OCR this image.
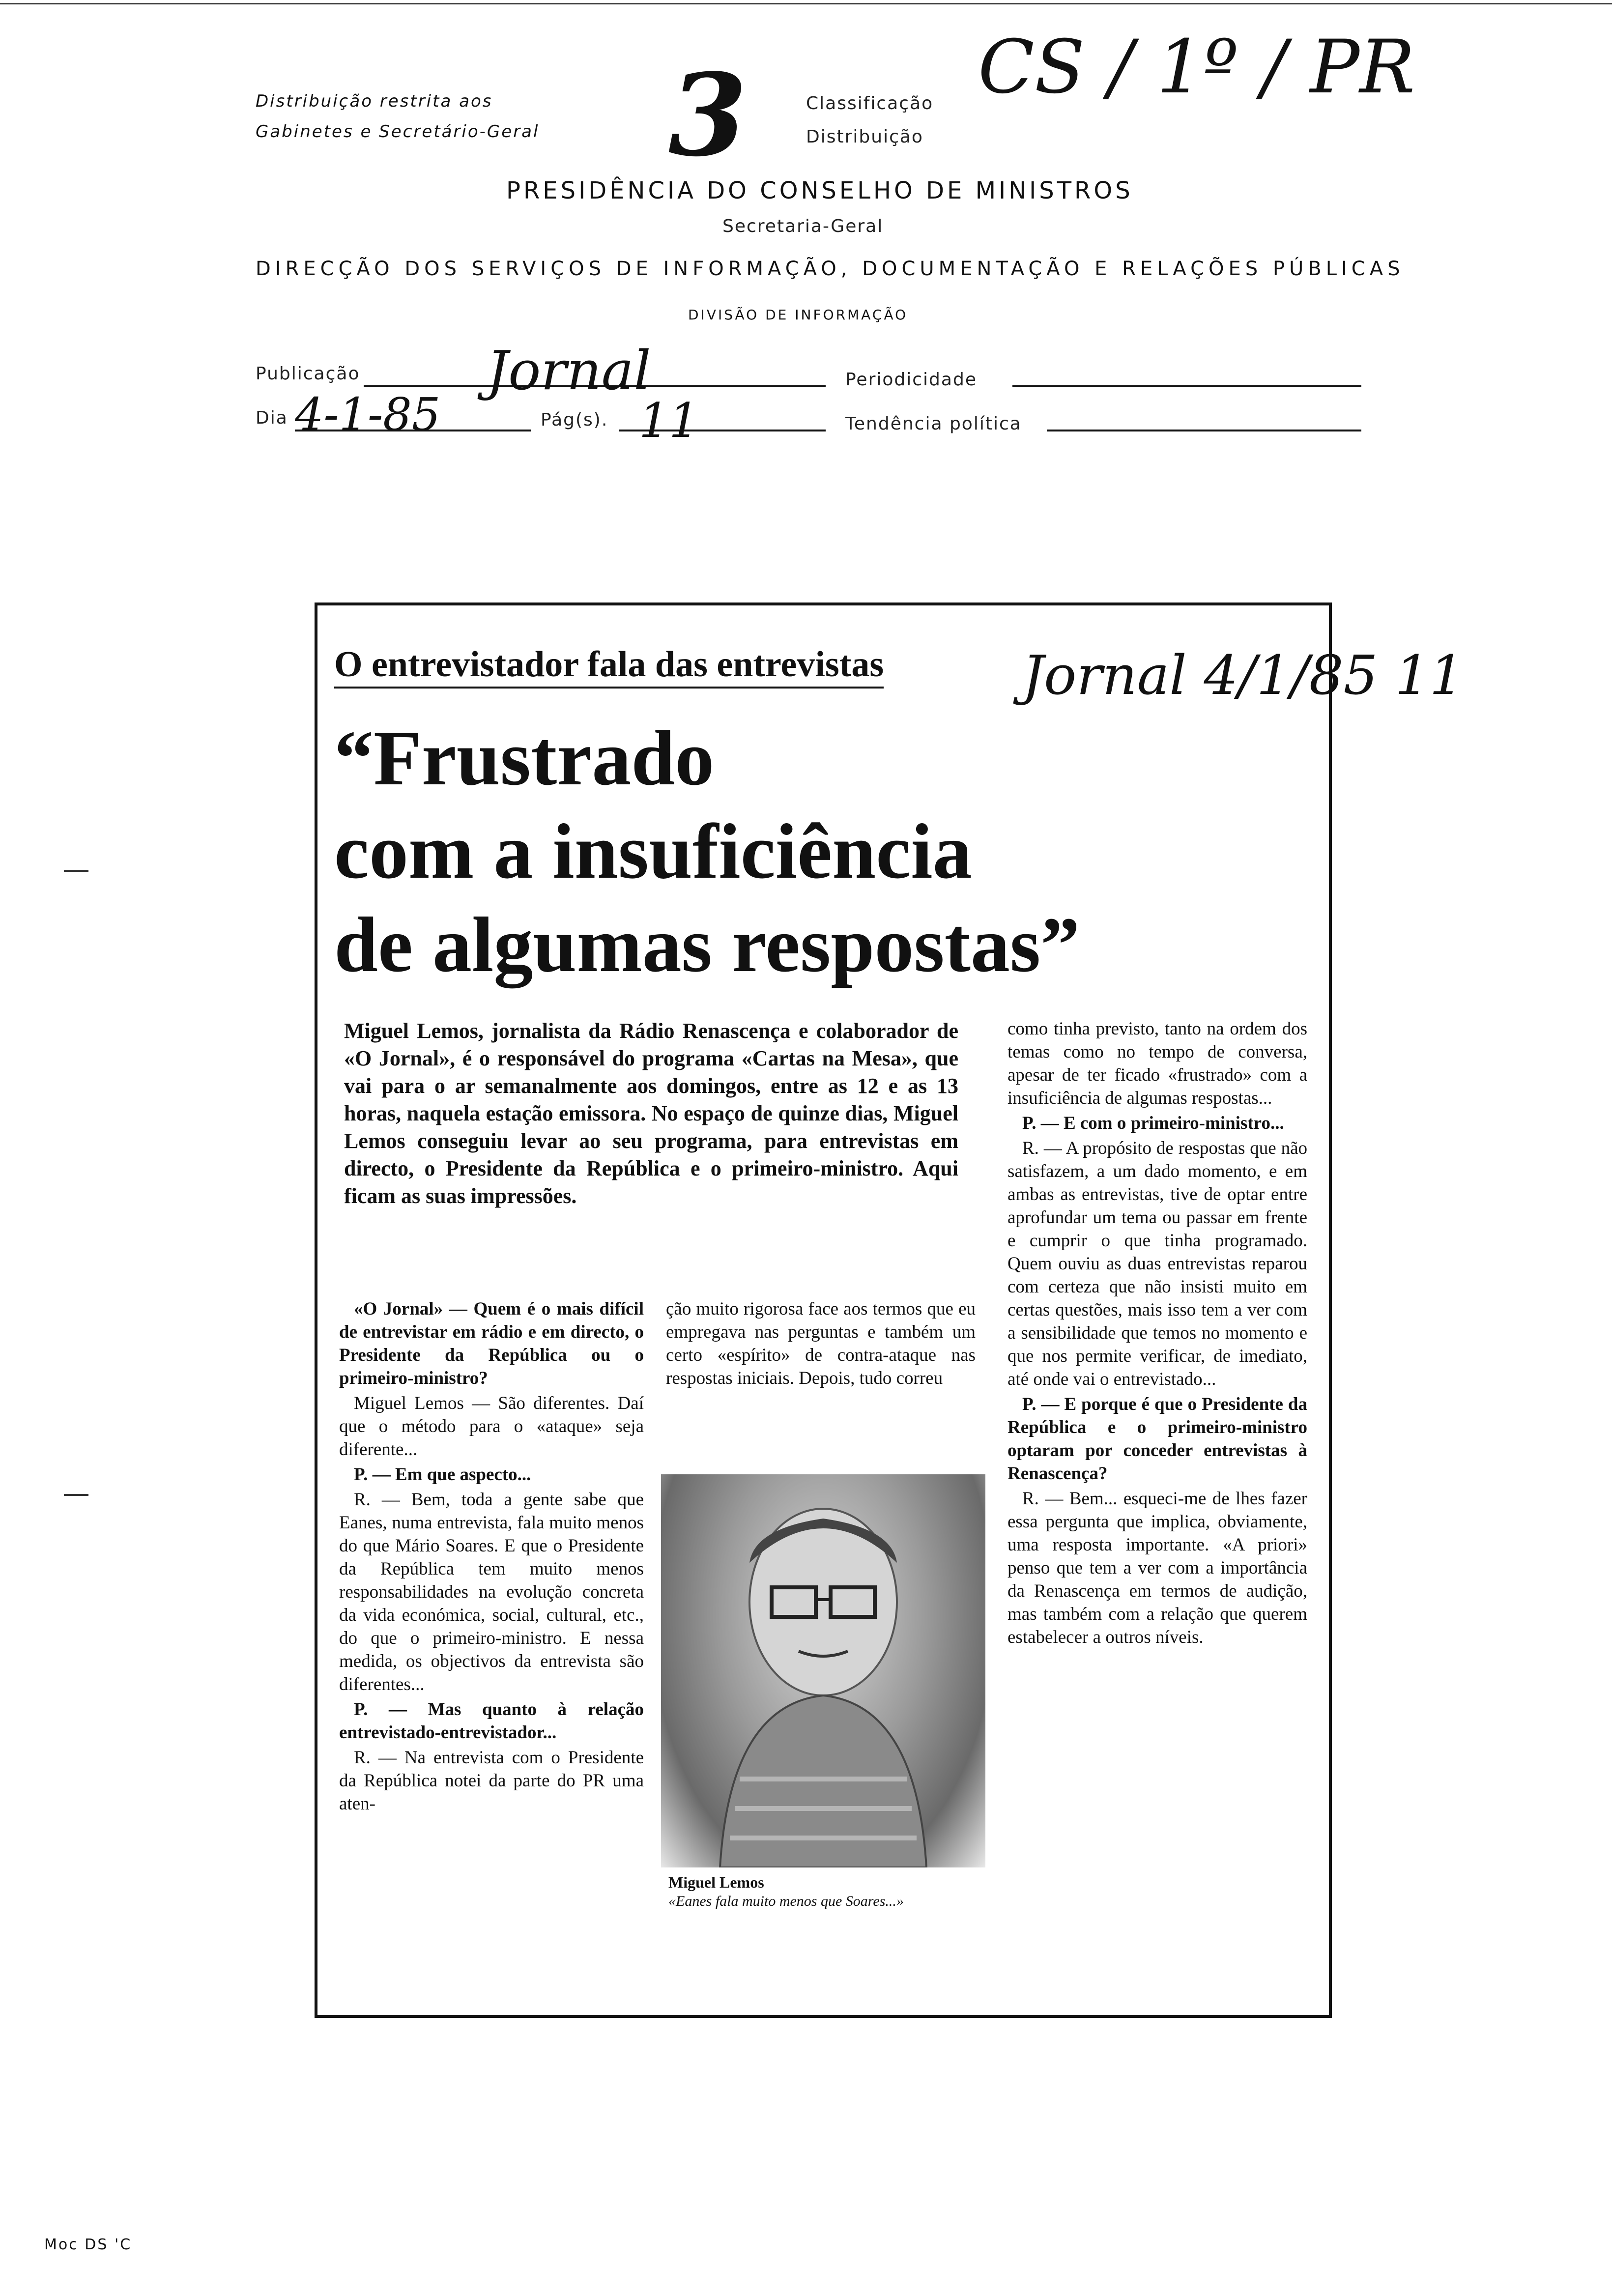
Distribuição restrita aos
Gabinetes e Secretário-Geral 3	Classificação
Distribuição
CS / 1º / PR
PRESIDÊNCIA DO CONSELHO DE MINISTROS
Secretaria-Geral
DIRECÇÃO DOS SERVIÇOS DE INFORMAÇÃO, DOCUMENTAÇÃO E RELAÇÕES PÚBLICAS
DIVISÃO DE INFORMAÇÃO
Publicação Jornal	Periodicidade
Dia 4-1-85	Pág(s). 11	Tendência política
O entrevistador fala das entrevistas	Jornal 4/1/85 11
“Frustrado
com a insuficiência
de algumas respostas”

Miguel Lemos, jornalista da Rádio Renascença e colaborador de «O Jornal», é o responsável do programa «Cartas na Mesa», que vai para o ar semanalmente aos domingos, entre as 12 e as 13 horas, naquela estação emissora. No espaço de quinze dias, Miguel Lemos conseguiu levar ao seu programa, para entrevistas em directo, o Presidente da República e o primeiro-ministro. Aqui ficam as suas impressões.

«O Jornal» — Quem é o mais difícil de entrevistar em rádio e em directo, o Presidente da República ou o primeiro-ministro?

Miguel Lemos — São diferentes. Daí que o método para o «ataque» seja diferente...

P. — Em que aspecto...

R. — Bem, toda a gente sabe que Eanes, numa entrevista, fala muito menos do que Mário Soares. E que o Presidente da República tem muito menos responsabilidades na evolução concreta da vida económica, social, cultural, etc., do que o primeiro-ministro. E nessa medida, os objectivos da entrevista são diferentes...

P. — Mas quanto à relação entrevistado-entrevistador...

R. — Na entrevista com o Presidente da República notei da parte do PR uma aten-

ção muito rigorosa face aos termos que eu empregava nas perguntas e também um certo «espírito» de contra-ataque nas respostas iniciais. Depois, tudo correu

Miguel Lemos
«Eanes fala muito menos que Soares...»

como tinha previsto, tanto na ordem dos temas como no tempo de conversa, apesar de ter ficado «frustrado» com a insuficiência de algumas respostas...

P. — E com o primeiro-ministro...

R. — A propósito de respostas que não satisfazem, a um dado momento, e em ambas as entrevistas, tive de optar entre aprofundar um tema ou passar em frente e cumprir o que tinha programado. Quem ouviu as duas entrevistas reparou com certeza que não insisti muito em certas questões, mais isso tem a ver com a sensibilidade que temos no momento e que nos permite verificar, de imediato, até onde vai o entrevistado...

P. — E porque é que o Presidente da República e o primeiro-ministro optaram por conceder entrevistas à Renascença?

R. — Bem... esqueci-me de lhes fazer essa pergunta que implica, obviamente, uma resposta importante. «A priori» penso que tem a ver com a importância da Renascença em termos de audição, mas também com a relação que querem estabelecer a outros níveis.

Moc DS 'C
